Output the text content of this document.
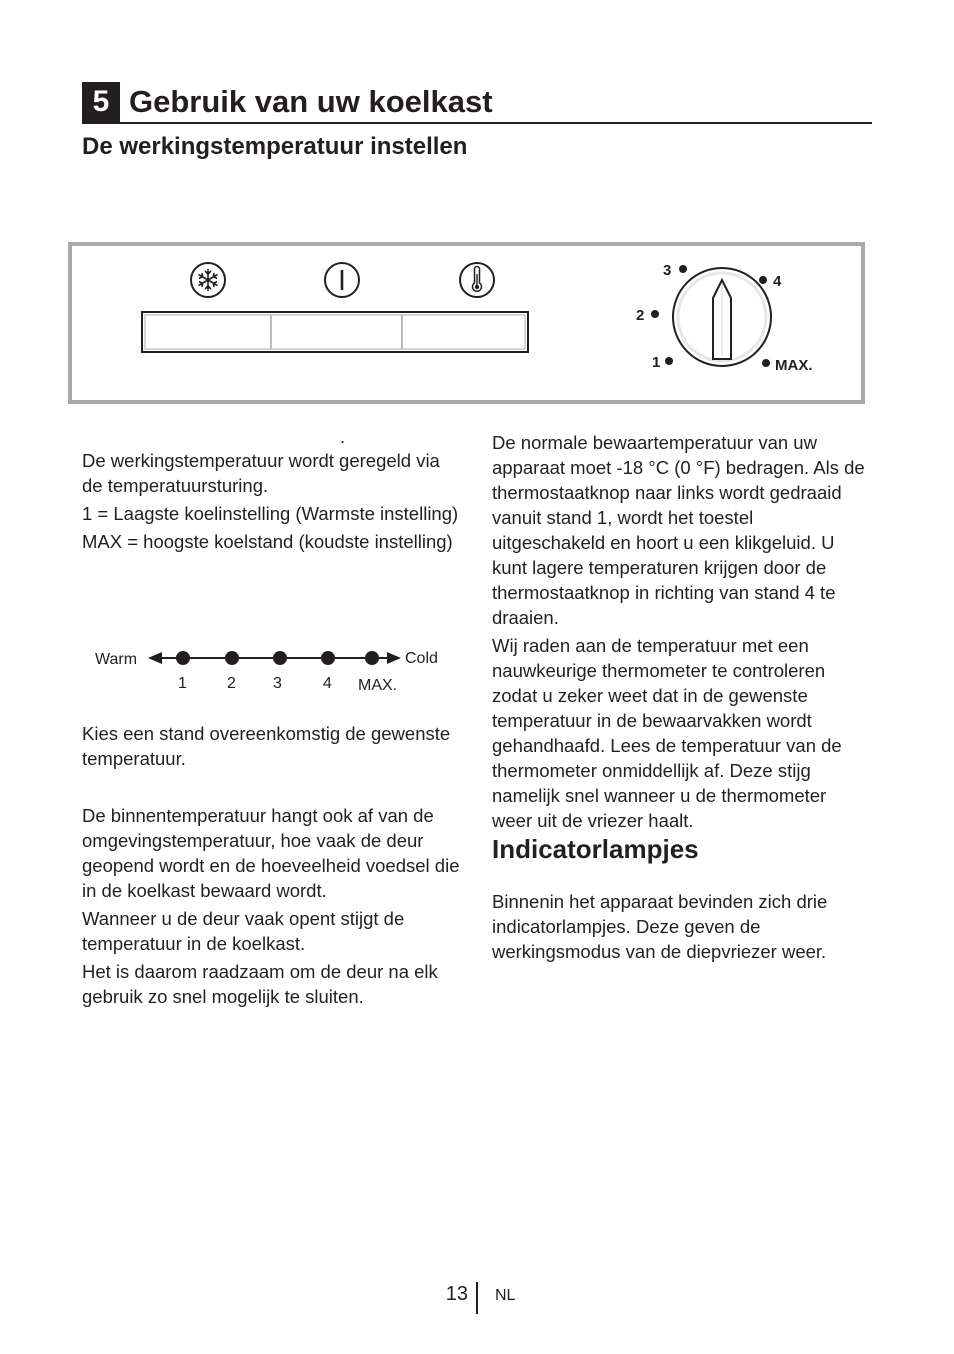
5 Gebruik van uw koelkast
De werkingstemperatuur instellen
3
4
2
1	MAX.
.

De werkingstemperatuur wordt geregeld via de temperatuursturing.

1 = Laagste koelinstelling (Warmste instelling)

MAX = hoogste koelstand (koudste instelling)

Warm	Cold
1	2 3	4 MAX.

Kies een stand overeenkomstig de gewenste temperatuur.

De binnentemperatuur hangt ook af van de omgevingstemperatuur, hoe vaak de deur geopend wordt en de hoeveelheid voedsel die in de koelkast bewaard wordt.

Wanneer u de deur vaak opent stijgt de temperatuur in de koelkast.

Het is daarom raadzaam om de deur na elk gebruik zo snel mogelijk te sluiten.

De normale bewaartemperatuur van uw apparaat moet -18 °C (0 °F) bedragen. Als de thermostaatknop naar links wordt gedraaid vanuit stand 1, wordt het toestel uitgeschakeld en hoort u een klikgeluid. U kunt lagere temperaturen krijgen door de thermostaatknop in richting van stand 4 te draaien.

Wij raden aan de temperatuur met een nauwkeurige thermometer te controleren zodat u zeker weet dat in de gewenste temperatuur in de bewaarvakken wordt gehandhaafd. Lees de temperatuur van de thermometer onmiddellijk af. Deze stijg namelijk snel wanneer u de thermometer weer uit de vriezer haalt.

Indicatorlampjes

Binnenin het apparaat bevinden zich drie indicatorlampjes. Deze geven de werkingsmodus van de diepvriezer weer.

13 NL
